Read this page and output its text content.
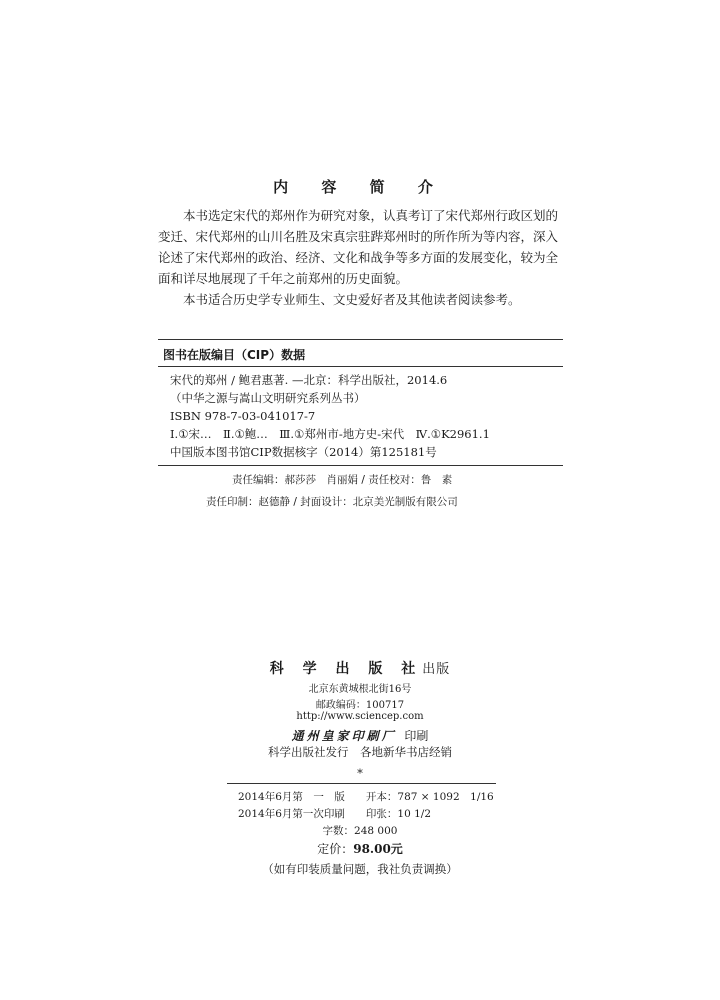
内 容 简 介
本书选定宋代的郑州作为研究对象，认真考订了宋代郑州行政区划的
变迁、宋代郑州的山川名胜及宋真宗驻跸郑州时的所作所为等内容，深入
论述了宋代郑州的政治、经济、文化和战争等多方面的发展变化，较为全
面和详尽地展现了千年之前郑州的历史面貌。
本书适合历史学专业师生、文史爱好者及其他读者阅读参考。
图书在版编目（CIP）数据
宋代的郑州 / 鲍君惠著. —北京：科学出版社，2014.6
（中华之源与嵩山文明研究系列丛书）
ISBN 978-7-03-041017-7
Ⅰ.①宋…　Ⅱ.①鲍…　Ⅲ.①郑州市-地方史-宋代　Ⅳ.①K2961.1
中国版本图书馆CIP数据核字（2014）第125181号
责任编辑：郝莎莎　肖丽娟 / 责任校对：鲁　素
责任印制：赵德静 / 封面设计：北京美光制版有限公司
科 学 出 版 社出版
北京东黄城根北街16号
邮政编码：100717
http://www.sciencep.com
通州皇家印刷厂 印刷
科学出版社发行　各地新华书店经销
*
2014年6月第　一　版　　开本：787 × 1092　1/16
2014年6月第一次印刷　　印张：10 1/2
字数：248 000
定价：98.00元
（如有印装质量问题，我社负责调换）
